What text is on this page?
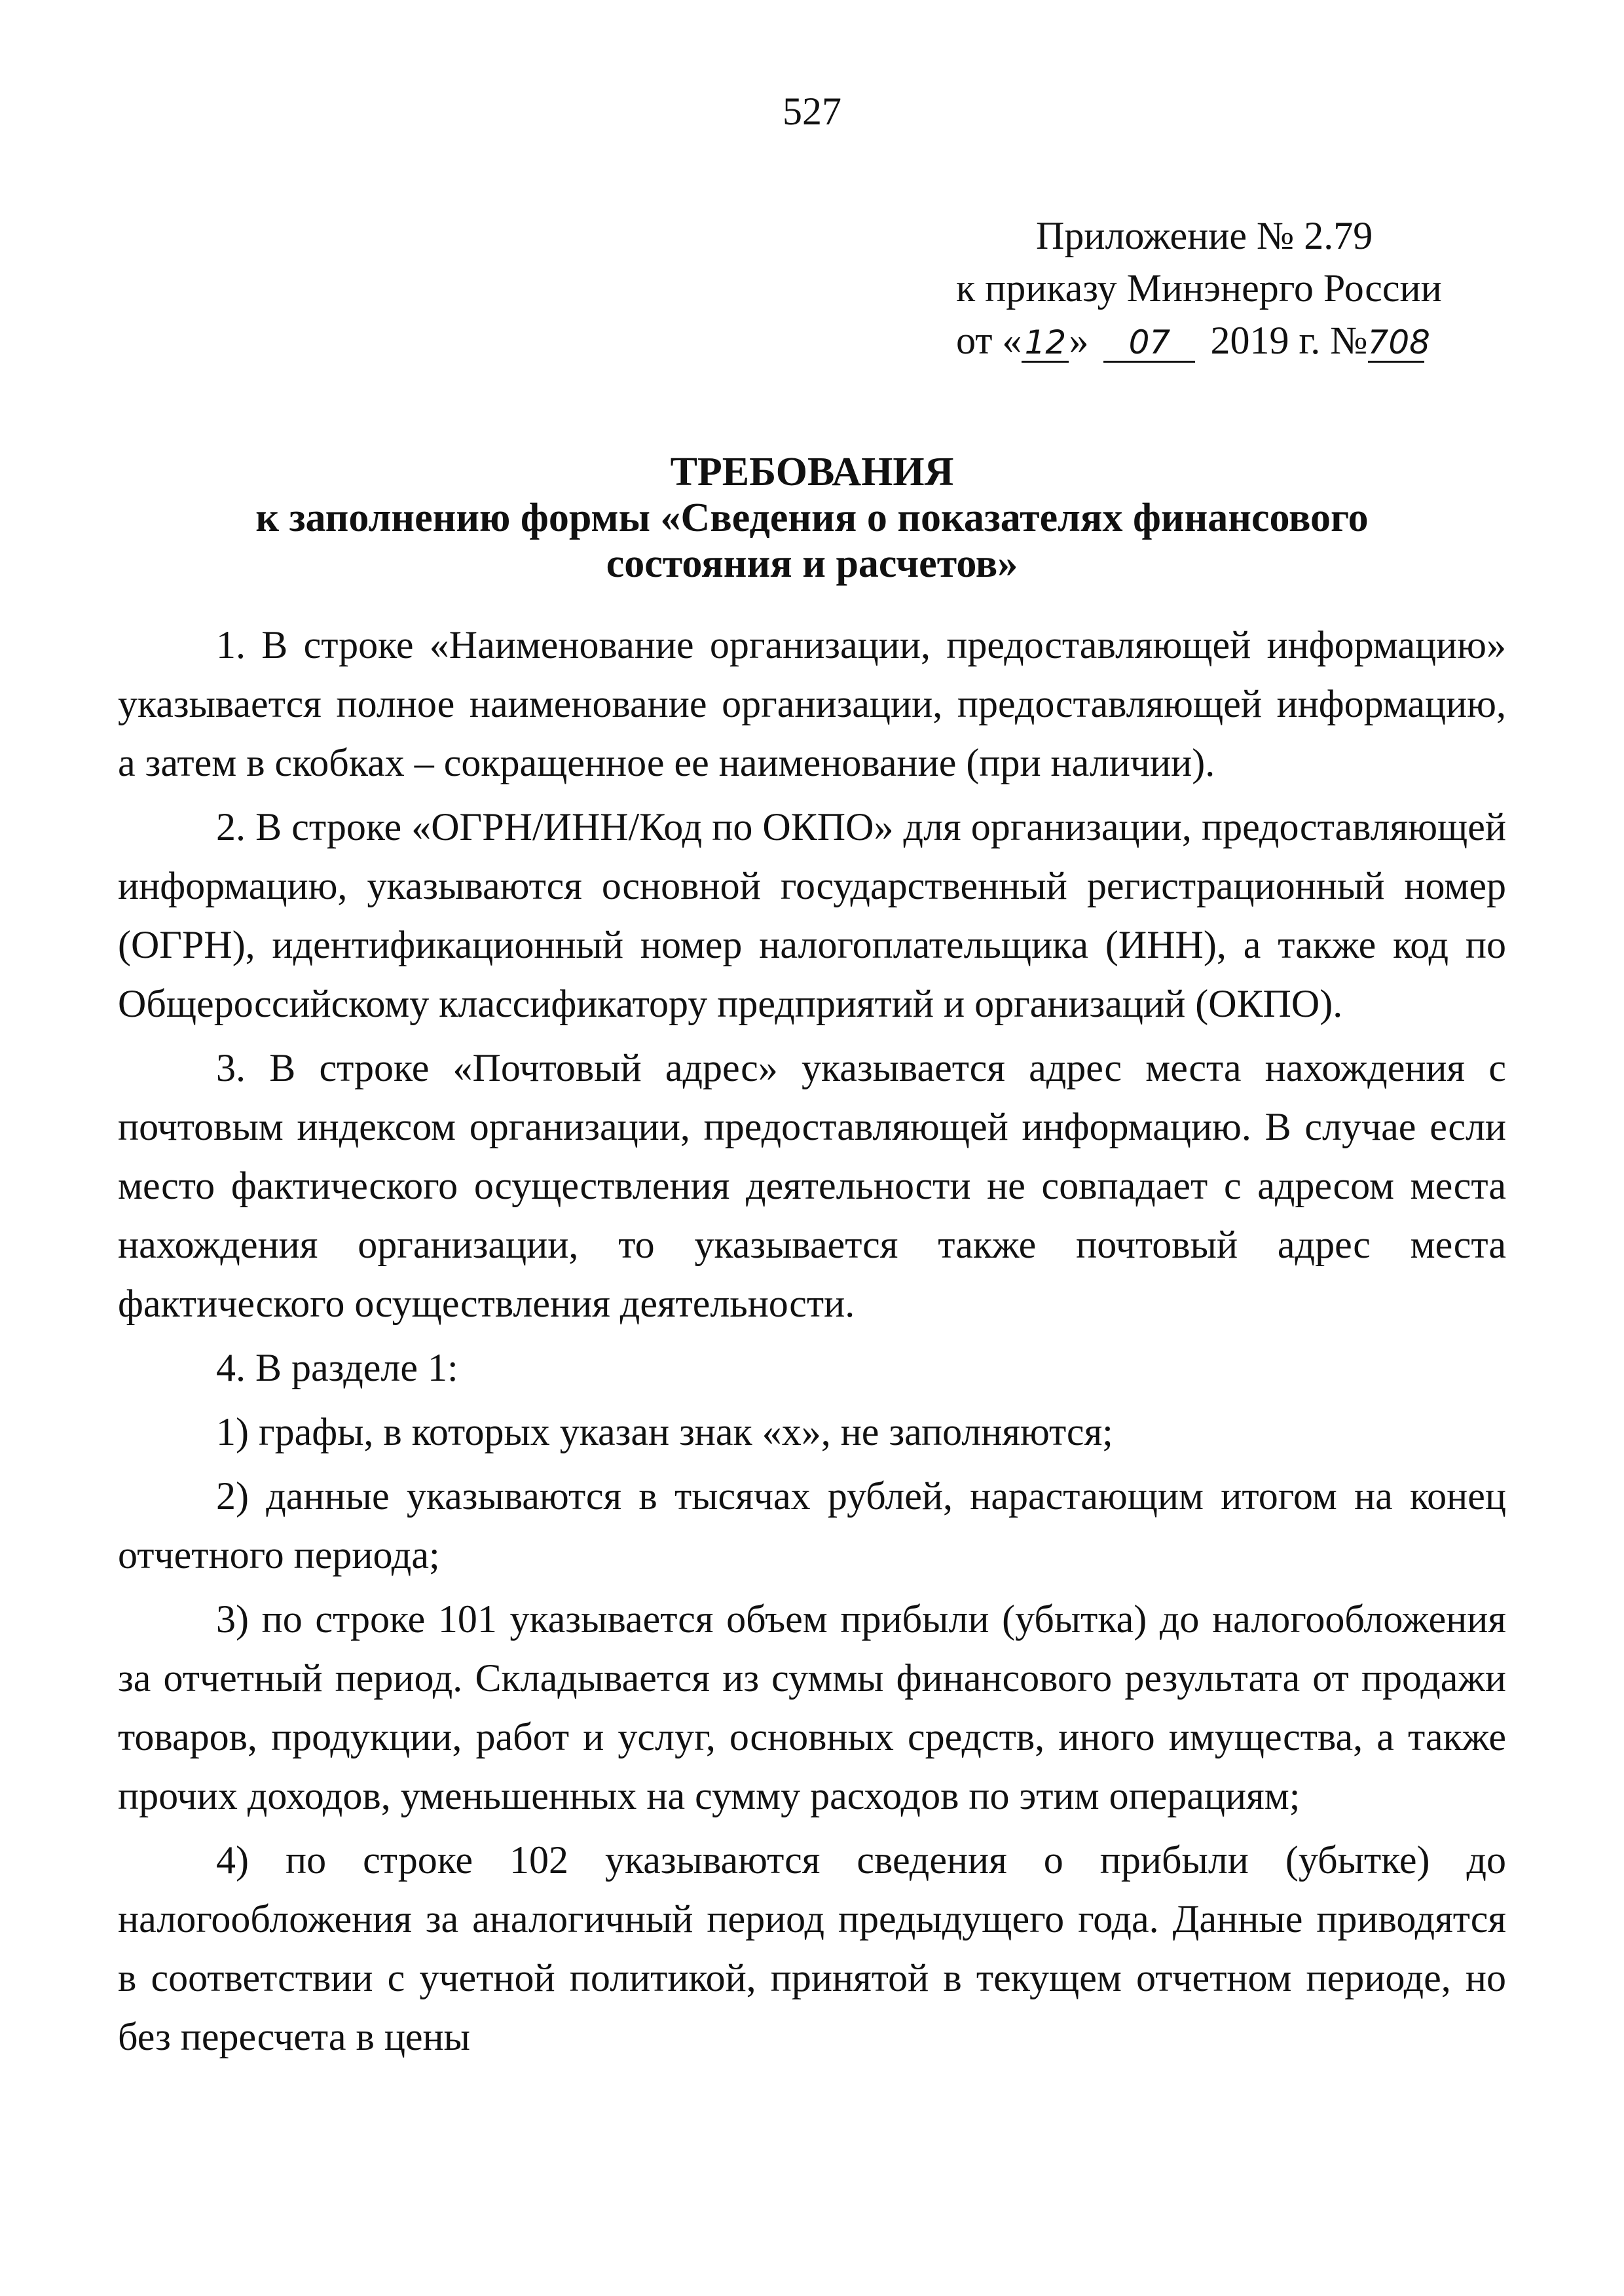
527
Приложение № 2.79
к приказу Минэнерго России
от «12» 07 2019 г. №708
ТРЕБОВАНИЯ
к заполнению формы «Сведения о показателях финансового
состояния и расчетов»

1. В строке «Наименование организации, предоставляющей информацию» указывается полное наименование организации, предоставляющей информацию, а затем в скобках – сокращенное ее наименование (при наличии).

2. В строке «ОГРН/ИНН/Код по ОКПО» для организации, предоставляющей информацию, указываются основной государственный регистрационный номер (ОГРН), идентификационный номер налогоплательщика (ИНН), а также код по Общероссийскому классификатору предприятий и организаций (ОКПО).

3. В строке «Почтовый адрес» указывается адрес места нахождения с почтовым индексом организации, предоставляющей информацию. В случае если место фактического осуществления деятельности не совпадает с адресом места нахождения организации, то указывается также почтовый адрес места фактического осуществления деятельности.

4. В разделе 1:

1) графы, в которых указан знак «х», не заполняются;

2) данные указываются в тысячах рублей, нарастающим итогом на конец отчетного периода;

3) по строке 101 указывается объем прибыли (убытка) до налогообложения за отчетный период. Складывается из суммы финансового результата от продажи товаров, продукции, работ и услуг, основных средств, иного имущества, а также прочих доходов, уменьшенных на сумму расходов по этим операциям;

4) по строке 102 указываются сведения о прибыли (убытке) до налогообложения за аналогичный период предыдущего года. Данные приводятся в соответствии с учетной политикой, принятой в текущем отчетном периоде, но без пересчета в цены
